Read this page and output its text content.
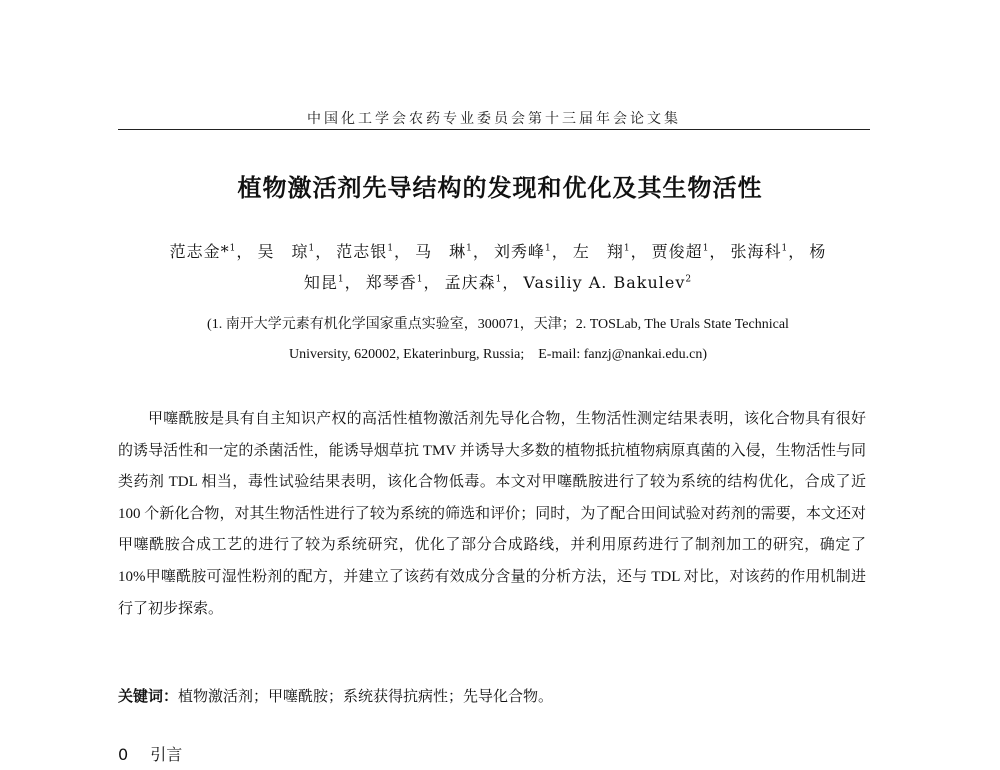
中国化工学会农药专业委员会第十三届年会论文集
植物激活剂先导结构的发现和优化及其生物活性
范志金*$^1$， 吴　琼$^1$， 范志银$^1$， 马　琳$^1$， 刘秀峰$^1$， 左　翔$^1$， 贾俊超$^1$， 张海科$^1$， 杨
知昆$^1$， 郑琴香$^1$， 孟庆森$^1$， Vasiliy A. Bakulev$^2$
(1. 南开大学元素有机化学国家重点实验室，300071，天津；2. TOSLab, The Urals State Technical
University, 620002, Ekaterinburg, Russia;　E-mail: fanzj@nankai.edu.cn)
甲噻酰胺是具有自主知识产权的高活性植物激活剂先导化合物，生物活性测定结果表明，该化合物具有很好的诱导活性和一定的杀菌活性，能诱导烟草抗 TMV 并诱导大多数的植物抵抗植物病原真菌的入侵，生物活性与同类药剂 TDL 相当，毒性试验结果表明，该化合物低毒。本文对甲噻酰胺进行了较为系统的结构优化，合成了近 100 个新化合物，对其生物活性进行了较为系统的筛选和评价；同时，为了配合田间试验对药剂的需要，本文还对甲噻酰胺合成工艺的进行了较为系统研究，优化了部分合成路线，并利用原药进行了制剂加工的研究，确定了 10%甲噻酰胺可湿性粉剂的配方，并建立了该药有效成分含量的分析方法，还与 TDL 对比，对该药的作用机制进行了初步探索。
关键词：植物激活剂；甲噻酰胺；系统获得抗病性；先导化合物。
0 引言
